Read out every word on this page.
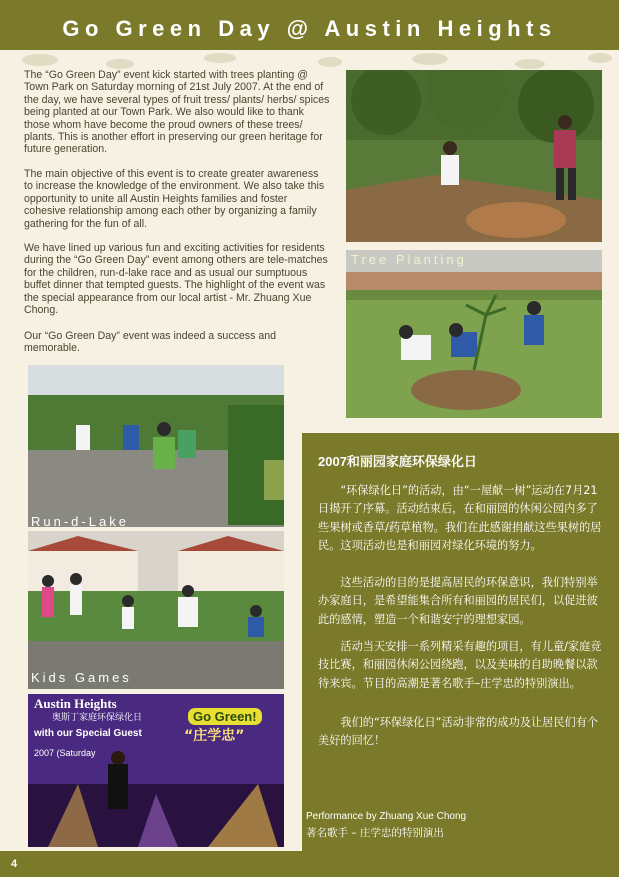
Go Green Day @ Austin Heights

The “Go Green Day” event kick started with trees planting @ Town Park on Saturday morning of 21st July 2007. At the end of the day, we have several types of fruit tress/ plants/ herbs/ spices being planted at our Town Park. We also would like to thank those whom have become the proud owners of these trees/ plants. This is another effort in preserving our green heritage for future generation.

The main objective of this event is to create greater awareness to increase the knowledge of the environment. We also take this opportunity to unite all Austin Heights families and foster cohesive relationship among each other by organizing a family gathering for the fun of all.

We have lined up various fun and exciting activities for residents during the “Go Green Day” event among others are tele-matches for the children, run-d-lake race and as usual our sumptuous buffet dinner that tempted guests. The highlight of the event was the special appearance from our local artist - Mr. Zhuang Xue Chong.

Our “Go Green Day” event was indeed a success and memorable.

Tree Planting
Run-d-Lake
Kids Games
Austin Heights
奥斯丁家庭环保绿化日	Go Green!
with our Special Guest	“庄学忠”
2007 (Saturday
2007和丽园家庭环保绿化日

“环保绿化日”的活动，由“一屋献一树”运动在7月21日揭开了序幕。活动结束后，在和丽园的休闲公园内多了些果树或香草/药草植物。我们在此感谢捐献这些果树的居民。这项活动也是和丽园对绿化环境的努力。

这些活动的目的是提高居民的环保意识，我们特别举办家庭日，是希望能集合所有和丽园的居民们，以促进彼此的感情，塑造一个和谐安宁的理想家园。

活动当天安排一系列精采有趣的项目，有儿童/家庭竞技比赛，和丽园休闲公园绕跑，以及美味的自助晚餐以款待来宾。节目的高潮是著名歌手–庄学忠的特别演出。

我们的“环保绿化日”活动非常的成功及让居民们有个美好的回忆！

Performance by Zhuang Xue Chong
著名歌手 – 庄学忠的特别演出
4
